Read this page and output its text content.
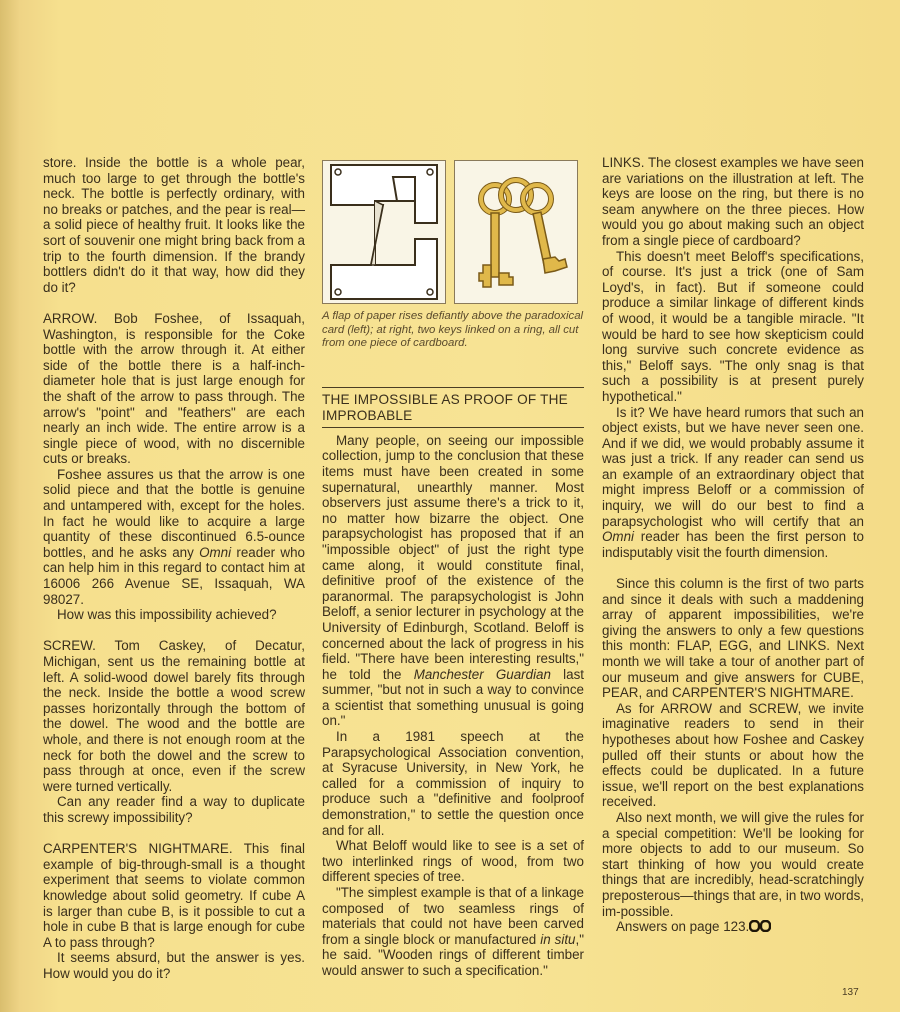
store. Inside the bottle is a whole pear, much too large to get through the bottle's neck. The bottle is perfectly ordinary, with no breaks or patches, and the pear is real—a solid piece of healthy fruit. It looks like the sort of souvenir one might bring back from a trip to the fourth dimension. If the brandy bottlers didn't do it that way, how did they do it?

ARROW. Bob Foshee, of Issaquah, Washington, is responsible for the Coke bottle with the arrow through it. At either side of the bottle there is a half-inch-diameter hole that is just large enough for the shaft of the arrow to pass through. The arrow's "point" and "feathers" are each nearly an inch wide. The entire arrow is a single piece of wood, with no discernible cuts or breaks.

Foshee assures us that the arrow is one solid piece and that the bottle is genuine and untampered with, except for the holes. In fact he would like to acquire a large quantity of these discontinued 6.5-ounce bottles, and he asks any Omni reader who can help him in this regard to contact him at 16006 266 Avenue SE, Issaquah, WA 98027.

How was this impossibility achieved?

SCREW. Tom Caskey, of Decatur, Michigan, sent us the remaining bottle at left. A solid-wood dowel barely fits through the neck. Inside the bottle a wood screw passes horizontally through the bottom of the dowel. The wood and the bottle are whole, and there is not enough room at the neck for both the dowel and the screw to pass through at once, even if the screw were turned vertically.

Can any reader find a way to duplicate this screwy impossibility?

CARPENTER'S NIGHTMARE. This final example of big-through-small is a thought experiment that seems to violate common knowledge about solid geometry. If cube A is larger than cube B, is it possible to cut a hole in cube B that is large enough for cube A to pass through?

It seems absurd, but the answer is yes. How would you do it?

A flap of paper rises defiantly above the paradoxical card (left); at right, two keys linked on a ring, all cut from one piece of cardboard.
THE IMPOSSIBLE AS PROOF OF THE IMPROBABLE

Many people, on seeing our impossible collection, jump to the conclusion that these items must have been created in some supernatural, unearthly manner. Most observers just assume there's a trick to it, no matter how bizarre the object. One parapsychologist has proposed that if an "impossible object" of just the right type came along, it would constitute final, definitive proof of the existence of the paranormal. The parapsychologist is John Beloff, a senior lecturer in psychology at the University of Edinburgh, Scotland. Beloff is concerned about the lack of progress in his field. "There have been interesting results," he told the Manchester Guardian last summer, "but not in such a way to convince a scientist that something unusual is going on."

In a 1981 speech at the Parapsychological Association convention, at Syracuse University, in New York, he called for a commission of inquiry to produce such a "definitive and foolproof demonstration," to settle the question once and for all.

What Beloff would like to see is a set of two interlinked rings of wood, from two different species of tree.

"The simplest example is that of a linkage composed of two seamless rings of materials that could not have been carved from a single block or manufactured in situ," he said. "Wooden rings of different timber would answer to such a specification."

LINKS. The closest examples we have seen are variations on the illustration at left. The keys are loose on the ring, but there is no seam anywhere on the three pieces. How would you go about making such an object from a single piece of cardboard?

This doesn't meet Beloff's specifications, of course. It's just a trick (one of Sam Loyd's, in fact). But if someone could produce a similar linkage of different kinds of wood, it would be a tangible miracle. "It would be hard to see how skepticism could long survive such concrete evidence as this," Beloff says. "The only snag is that such a possibility is at present purely hypothetical."

Is it? We have heard rumors that such an object exists, but we have never seen one. And if we did, we would probably assume it was just a trick. If any reader can send us an example of an extraordinary object that might impress Beloff or a commission of inquiry, we will do our best to find a parapsychologist who will certify that an Omni reader has been the first person to indisputably visit the fourth dimension.

Since this column is the first of two parts and since it deals with such a maddening array of apparent impossibilities, we're giving the answers to only a few questions this month: FLAP, EGG, and LINKS. Next month we will take a tour of another part of our museum and give answers for CUBE, PEAR, and CARPENTER'S NIGHTMARE.

As for ARROW and SCREW, we invite imaginative readers to send in their hypotheses about how Foshee and Caskey pulled off their stunts or about how the effects could be duplicated. In a future issue, we'll report on the best explanations received.

Also next month, we will give the rules for a special competition: We'll be looking for more objects to add to our museum. So start thinking of how you would create things that are incredibly, head-scratchingly preposterous—things that are, in two words, im-possible.

Answers on page 123.

137
